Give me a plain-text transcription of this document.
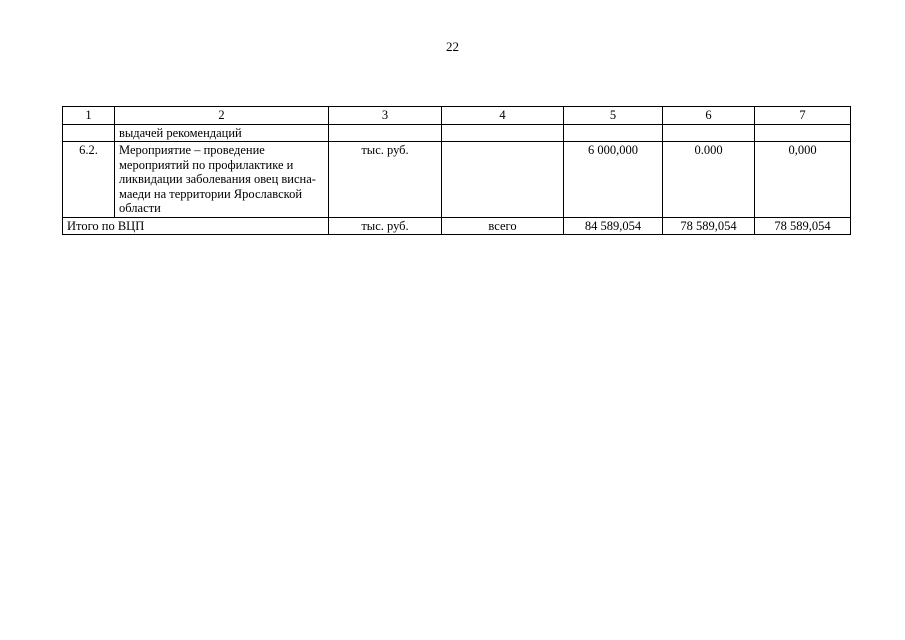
22
1	2	3	4	5	6	7
	выдачей рекомендаций					
6.2.	Мероприятие – проведение мероприятий по профилактике и ликвидации заболевания овец висна-маеди на территории Ярославской области	тыс. руб.		6 000,000	0.000	0,000
Итого по ВЦП		тыс. руб.	всего	84 589,054	78 589,054	78 589,054
